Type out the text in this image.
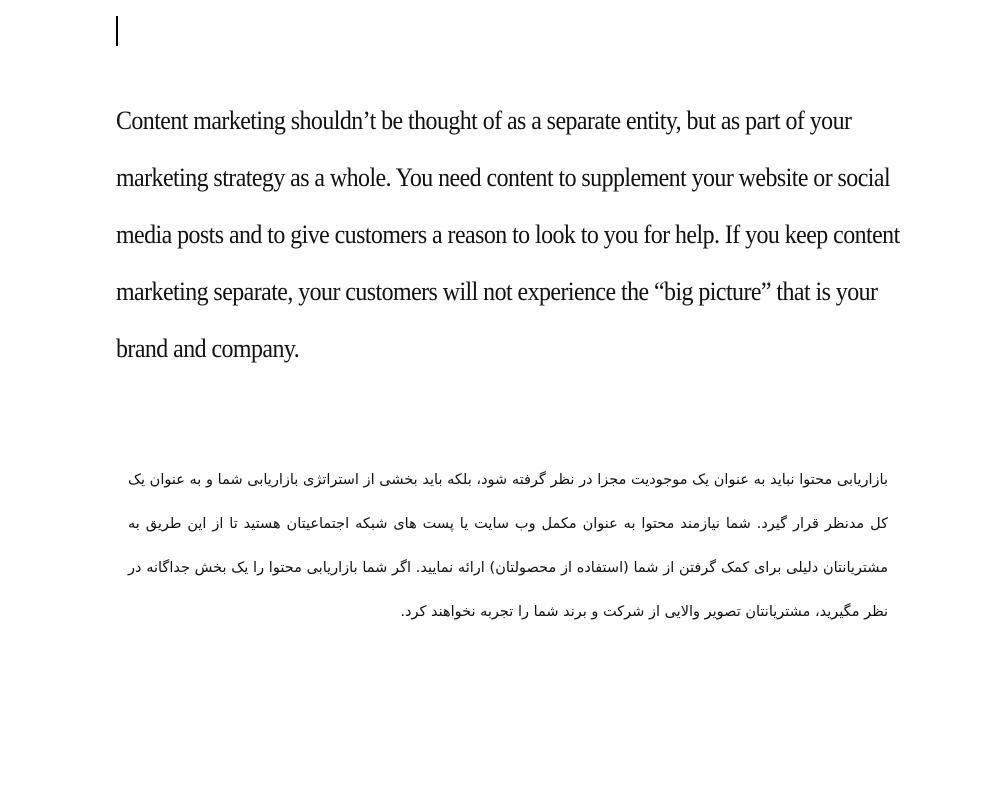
Content marketing shouldn’t be thought of as a separate entity, but as part of your
marketing strategy as a whole. You need content to supplement your website or social
media posts and to give customers a reason to look to you for help. If you keep content
marketing separate, your customers will not experience the “big picture” that is your
brand and company.
بازاریابی محتوا نباید به عنوان یک موجودیت مجزا در نظر گرفته شود، بلکه باید بخشی از استراتژی بازاریابی شما و به عنوان یک
کل مدنظر قرار گیرد. شما نیازمند محتوا به عنوان مکمل وب سایت یا پست های شبکه اجتماعیتان هستید تا از این طریق به
مشتریانتان دلیلی برای کمک گرفتن از شما (استفاده از محصولتان) ارائه نمایید. اگر شما بازاریابی محتوا را یک بخش جداگانه در
نظر مگیرید، مشتریانتان تصویر والایی از شرکت و برند شما را تجربه نخواهند کرد.
